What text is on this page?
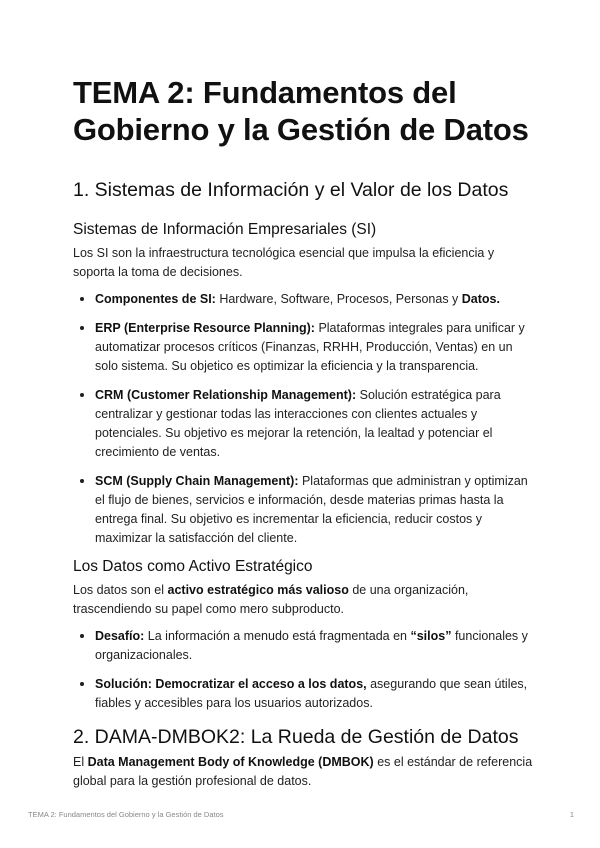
TEMA 2: Fundamentos del
Gobierno y la Gestión de Datos
1. Sistemas de Información y el Valor de los Datos
Sistemas de Información Empresariales (SI)

Los SI son la infraestructura tecnológica esencial que impulsa la eficiencia y soporta la toma de decisiones.

• Componentes de SI: Hardware, Software, Procesos, Personas y Datos.
• ERP (Enterprise Resource Planning): Plataformas integrales para unificar y automatizar procesos críticos (Finanzas, RRHH, Producción, Ventas) en un solo sistema. Su objetico es optimizar la eficiencia y la transparencia.
• CRM (Customer Relationship Management): Solución estratégica para centralizar y gestionar todas las interacciones con clientes actuales y potenciales. Su objetivo es mejorar la retención, la lealtad y potenciar el crecimiento de ventas.
• SCM (Supply Chain Management): Plataformas que administran y optimizan el flujo de bienes, servicios e información, desde materias primas hasta la entrega final. Su objetivo es incrementar la eficiencia, reducir costos y maximizar la satisfacción del cliente.
Los Datos como Activo Estratégico

Los datos son el activo estratégico más valioso de una organización, trascendiendo su papel como mero subproducto.

• Desafío: La información a menudo está fragmentada en “silos” funcionales y organizacionales.
• Solución: Democratizar el acceso a los datos, asegurando que sean útiles, fiables y accesibles para los usuarios autorizados.
2. DAMA-DMBOK2: La Rueda de Gestión de Datos

El Data Management Body of Knowledge (DMBOK) es el estándar de referencia global para la gestión profesional de datos.

TEMA 2: Fundamentos del Gobierno y la Gestión de Datos	1
